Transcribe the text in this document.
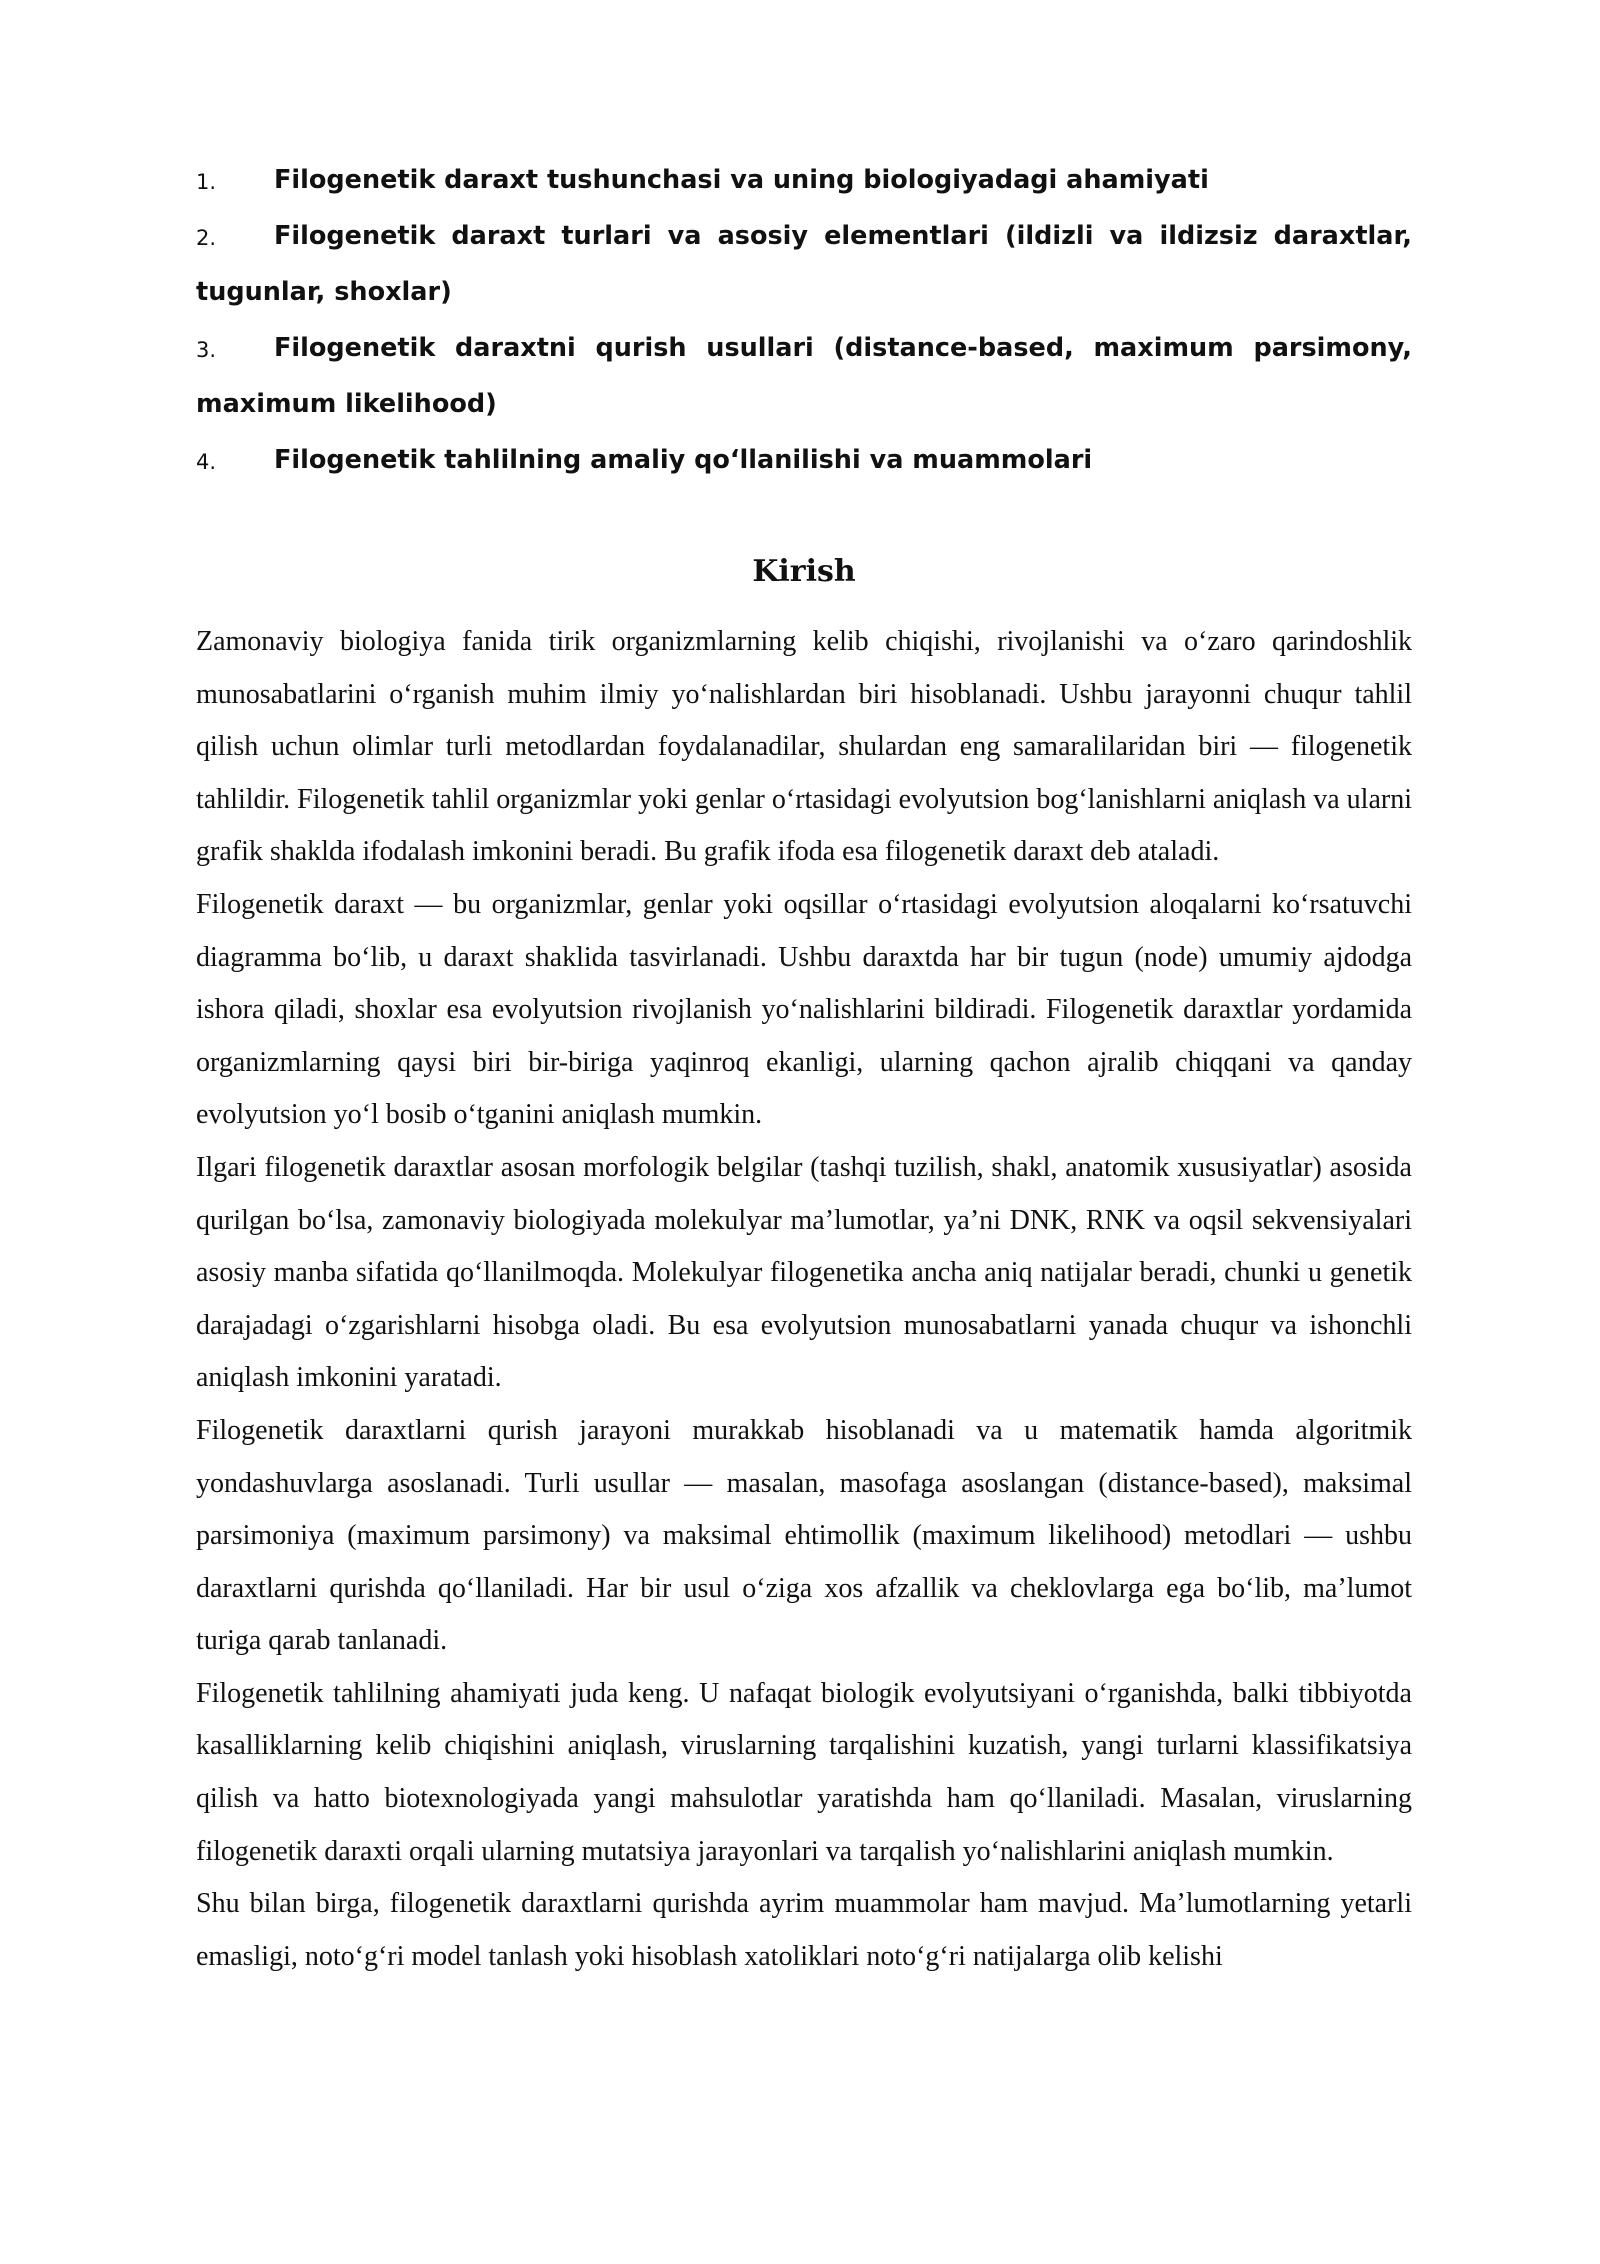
1. Filogenetik daraxt tushunchasi va uning biologiyadagi ahamiyati
2. Filogenetik daraxt turlari va asosiy elementlari (ildizli va ildizsiz daraxtlar, tugunlar, shoxlar)
3. Filogenetik daraxtni qurish usullari (distance-based, maximum parsimony, maximum likelihood)
4. Filogenetik tahlilning amaliy qoʻllanilishi va muammolari
Kirish

Zamonaviy biologiya fanida tirik organizmlarning kelib chiqishi, rivojlanishi va oʻzaro qarindoshlik munosabatlarini oʻrganish muhim ilmiy yoʻnalishlardan biri hisoblanadi. Ushbu jarayonni chuqur tahlil qilish uchun olimlar turli metodlardan foydalanadilar, shulardan eng samaralilaridan biri — filogenetik tahlildir. Filogenetik tahlil organizmlar yoki genlar oʻrtasidagi evolyutsion bogʻlanishlarni aniqlash va ularni grafik shaklda ifodalash imkonini beradi. Bu grafik ifoda esa filogenetik daraxt deb ataladi.

Filogenetik daraxt — bu organizmlar, genlar yoki oqsillar oʻrtasidagi evolyutsion aloqalarni koʻrsatuvchi diagramma boʻlib, u daraxt shaklida tasvirlanadi. Ushbu daraxtda har bir tugun (node) umumiy ajdodga ishora qiladi, shoxlar esa evolyutsion rivojlanish yoʻnalishlarini bildiradi. Filogenetik daraxtlar yordamida organizmlarning qaysi biri bir-biriga yaqinroq ekanligi, ularning qachon ajralib chiqqani va qanday evolyutsion yoʻl bosib oʻtganini aniqlash mumkin.

Ilgari filogenetik daraxtlar asosan morfologik belgilar (tashqi tuzilish, shakl, anatomik xususiyatlar) asosida qurilgan boʻlsa, zamonaviy biologiyada molekulyar maʼlumotlar, yaʼni DNK, RNK va oqsil sekvensiyalari asosiy manba sifatida qoʻllanilmoqda. Molekulyar filogenetika ancha aniq natijalar beradi, chunki u genetik darajadagi oʻzgarishlarni hisobga oladi. Bu esa evolyutsion munosabatlarni yanada chuqur va ishonchli aniqlash imkonini yaratadi.

Filogenetik daraxtlarni qurish jarayoni murakkab hisoblanadi va u matematik hamda algoritmik yondashuvlarga asoslanadi. Turli usullar — masalan, masofaga asoslangan (distance-based), maksimal parsimoniya (maximum parsimony) va maksimal ehtimollik (maximum likelihood) metodlari — ushbu daraxtlarni qurishda qoʻllaniladi. Har bir usul oʻziga xos afzallik va cheklovlarga ega boʻlib, maʼlumot turiga qarab tanlanadi.

Filogenetik tahlilning ahamiyati juda keng. U nafaqat biologik evolyutsiyani oʻrganishda, balki tibbiyotda kasalliklarning kelib chiqishini aniqlash, viruslarning tarqalishini kuzatish, yangi turlarni klassifikatsiya qilish va hatto biotexnologiyada yangi mahsulotlar yaratishda ham qoʻllaniladi. Masalan, viruslarning filogenetik daraxti orqali ularning mutatsiya jarayonlari va tarqalish yoʻnalishlarini aniqlash mumkin.

Shu bilan birga, filogenetik daraxtlarni qurishda ayrim muammolar ham mavjud. Maʼlumotlarning yetarli emasligi, notoʻgʻri model tanlash yoki hisoblash xatoliklari notoʻgʻri natijalarga olib kelishi
